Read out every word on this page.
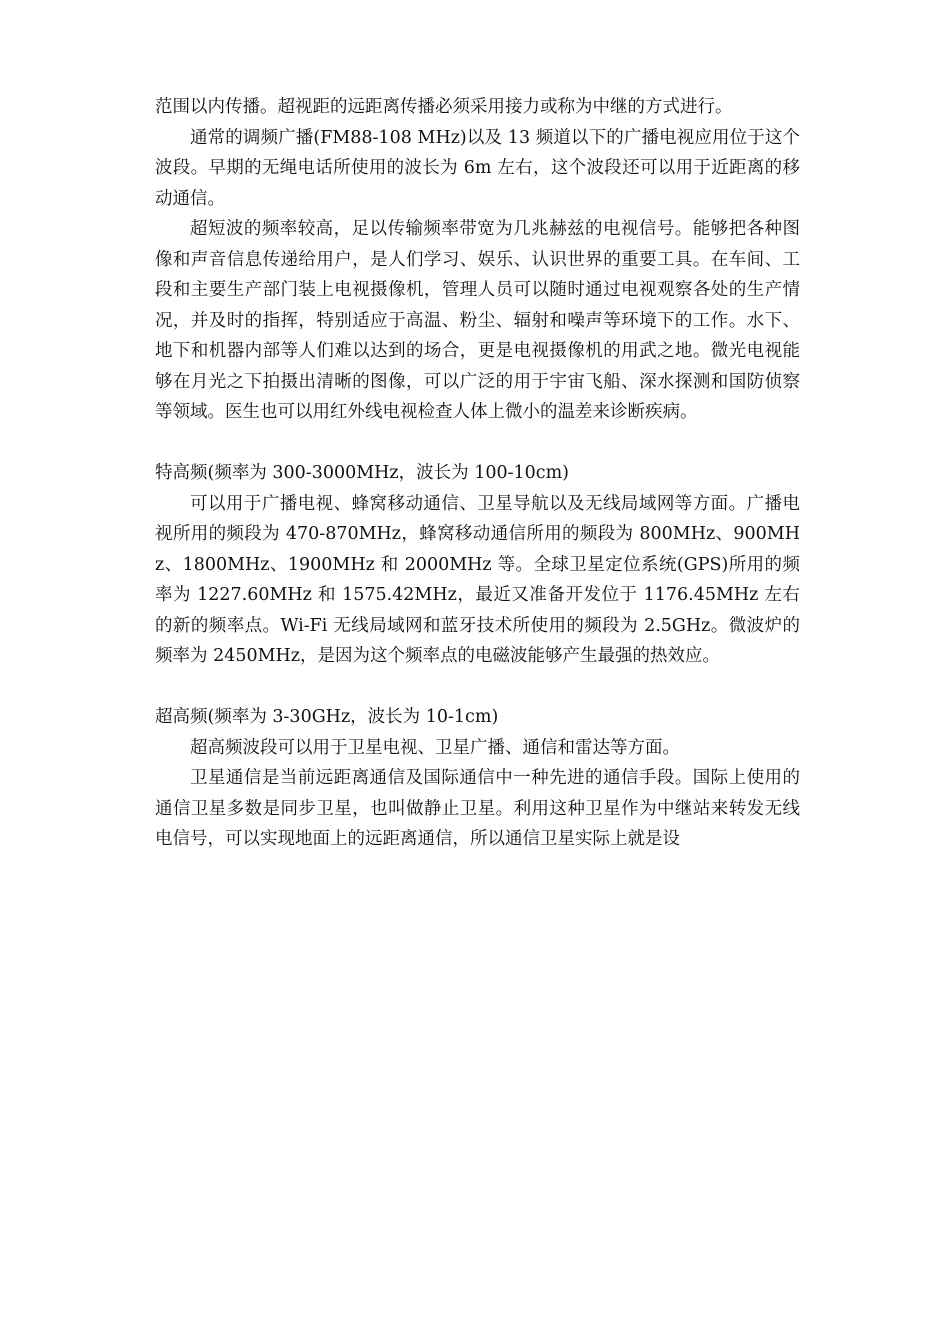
范围以内传播。超视距的远距离传播必须采用接力或称为中继的方式进行。

通常的调频广播(FM88-108 MHz)以及 13 频道以下的广播电视应用位于这个波段。早期的无绳电话所使用的波长为 6m 左右，这个波段还可以用于近距离的移动通信。

超短波的频率较高，足以传输频率带宽为几兆赫兹的电视信号。能够把各种图像和声音信息传递给用户，是人们学习、娱乐、认识世界的重要工具。在车间、工段和主要生产部门装上电视摄像机，管理人员可以随时通过电视观察各处的生产情况，并及时的指挥，特别适应于高温、粉尘、辐射和噪声等环境下的工作。水下、地下和机器内部等人们难以达到的场合，更是电视摄像机的用武之地。微光电视能够在月光之下拍摄出清晰的图像，可以广泛的用于宇宙飞船、深水探测和国防侦察等领域。医生也可以用红外线电视检查人体上微小的温差来诊断疾病。

特高频(频率为 300-3000MHz，波长为 100-10cm)

可以用于广播电视、蜂窝移动通信、卫星导航以及无线局域网等方面。广播电视所用的频段为 470-870MHz，蜂窝移动通信所用的频段为 800MHz、900MHz、1800MHz、1900MHz 和 2000MHz 等。全球卫星定位系统(GPS)所用的频率为 1227.60MHz 和 1575.42MHz，最近又准备开发位于 1176.45MHz 左右的新的频率点。Wi-Fi 无线局域网和蓝牙技术所使用的频段为 2.5GHz。微波炉的频率为 2450MHz，是因为这个频率点的电磁波能够产生最强的热效应。

超高频(频率为 3-30GHz，波长为 10-1cm)

超高频波段可以用于卫星电视、卫星广播、通信和雷达等方面。

卫星通信是当前远距离通信及国际通信中一种先进的通信手段。国际上使用的通信卫星多数是同步卫星，也叫做静止卫星。利用这种卫星作为中继站来转发无线电信号，可以实现地面上的远距离通信，所以通信卫星实际上就是设
